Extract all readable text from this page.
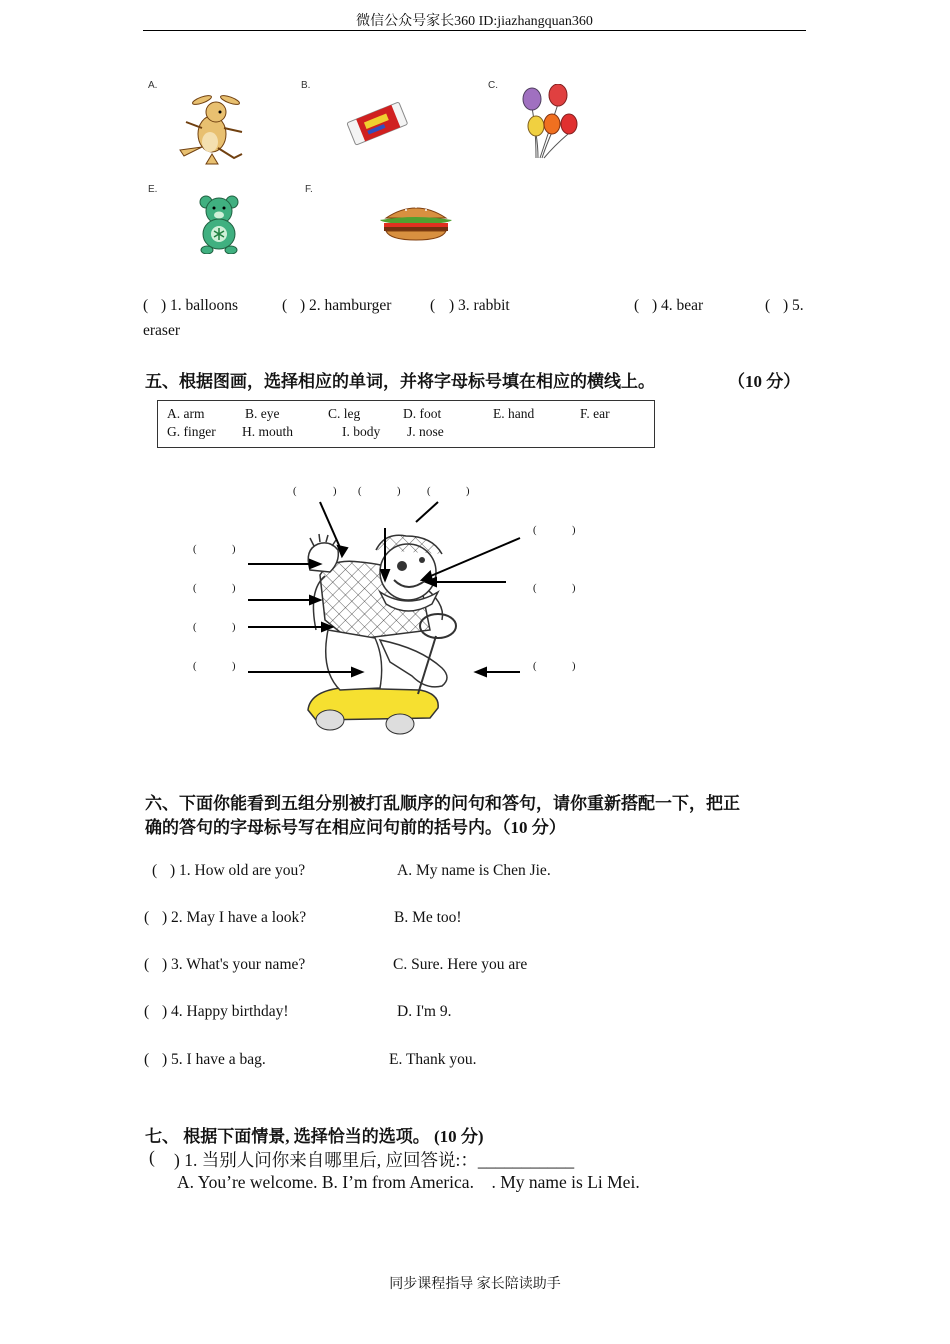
微信公众号家长360 ID:jiazhangquan360
A.	B.	C.
E.	F.
( ) 1. balloons	( ) 2. hamburger ( ) 3. rabbit	( ) 4. bear	( ) 5.
eraser
五、根据图画，选择相应的单词，并将字母标号填在相应的横线上。	（10 分）
A. arm	B. eye	C. leg	D. foot	E. hand	F. ear
G. finger H. mouth	I. body J. nose
(	) (	)	(	)
(	)
(	)
(	)
(	)
(	)
(	)
(	)
六、下面你能看到五组分别被打乱顺序的问句和答句，请你重新搭配一下，把正
确的答句的字母标号写在相应问句前的括号内。（10 分）
( ) 1. How old are you?	A. My name is Chen Jie.
( ) 2. May I have a look?	B. Me too!
( ) 3. What's your name?	C. Sure. Here you are
( ) 4. Happy birthday!	D. I'm 9.
( ) 5. I have a bag.	E. Thank you.
七、 根据下面情景, 选择恰当的选项。 (10 分)
( ) 1. 当别人问你来自哪里后, 应回答说:：___________
A. You’re welcome. B. I’m from America.    . My name is Li Mei.
同步课程指导 家长陪读助手
